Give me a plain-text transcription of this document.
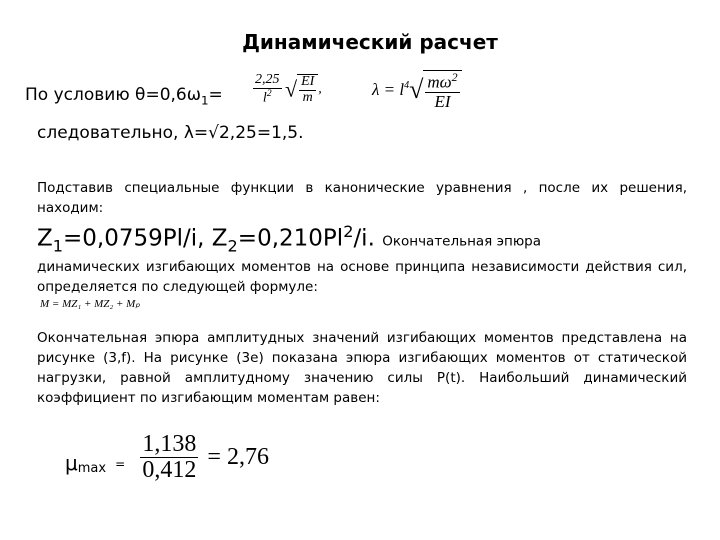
Динамический расчет
По условию $\theta=0,6\omega_1= \frac{2,25}{l^2}$ √ $\frac{EI}{m}$ ,	$\lambda = l^4√ \frac{m\omega^2}{EI}$
следовательно, λ=√2,25=1,5.
Подставив специальные функции в канонические уравнения , после их решения, находим:
$Z_1=0,0759Pl/i$, $Z_2=0,210Pl^2/i$. Окончательная эпюра
динамических изгибающих моментов на основе принципа независимости действия сил, определяется по следующей формуле:
M = MZ₁ + MZ₂ + Mₚ
Окончательная эпюра амплитудных значений изгибающих моментов представлена на рисунке (3,f). На рисунке (3е) показана эпюра изгибающих моментов от статической нагрузки, равной амплитудному значению силы P(t). Наибольший динамический коэффициент по изгибающим моментам равен:
$\mu_{max}$ $_= \frac{1,138}{0,412} = 2,76$
